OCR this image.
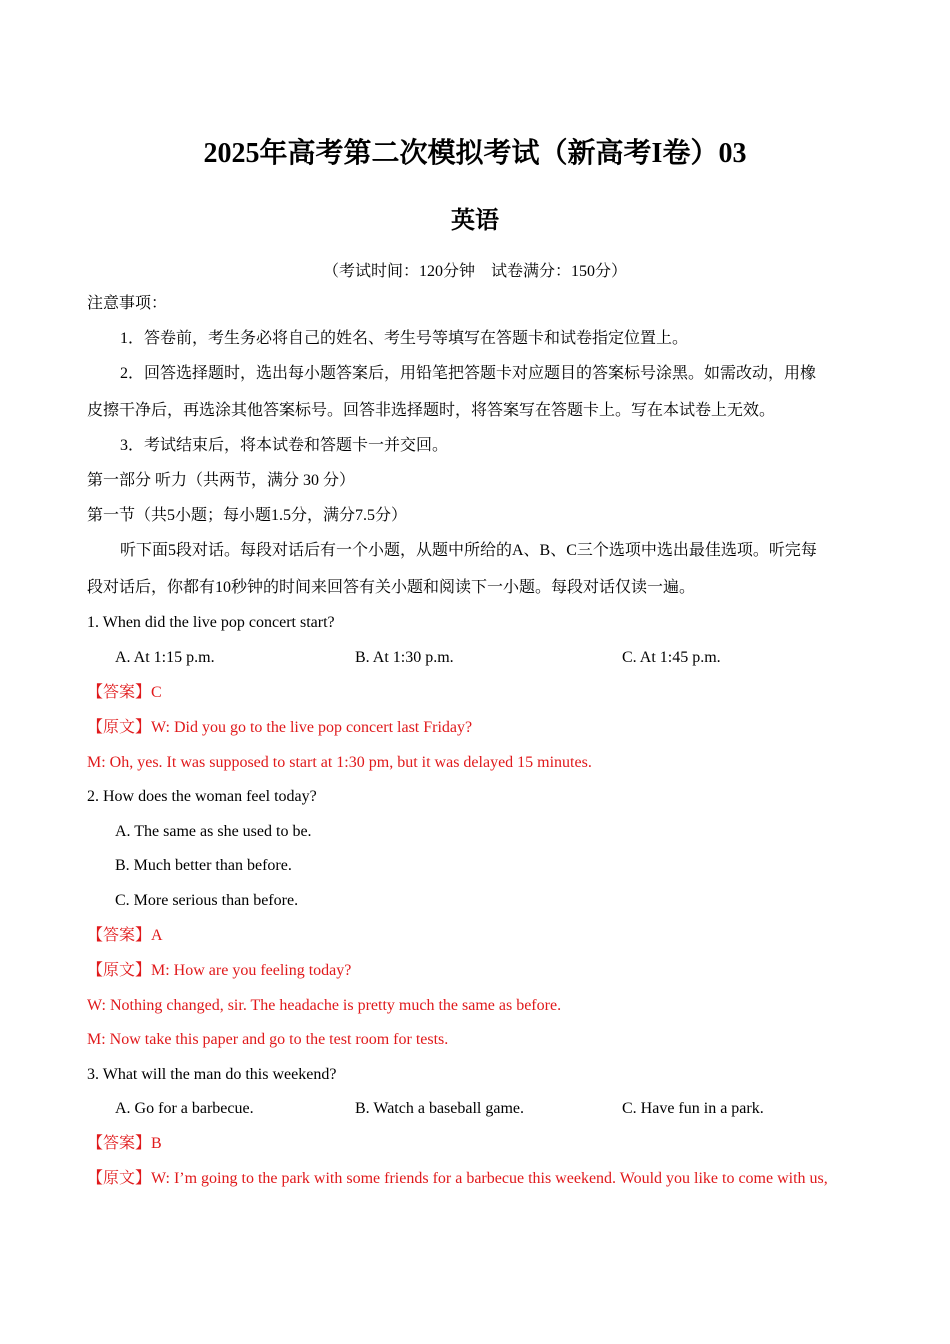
2025年高考第二次模拟考试（新高考I卷）03
英语
（考试时间：120分钟　试卷满分：150分）
注意事项：
1．答卷前，考生务必将自己的姓名、考生号等填写在答题卡和试卷指定位置上。
2．回答选择题时，选出每小题答案后，用铅笔把答题卡对应题目的答案标号涂黑。如需改动，用橡
皮擦干净后，再选涂其他答案标号。回答非选择题时，将答案写在答题卡上。写在本试卷上无效。
3．考试结束后，将本试卷和答题卡一并交回。
第一部分 听力（共两节，满分 30 分）
第一节（共5小题；每小题1.5分，满分7.5分）
听下面5段对话。每段对话后有一个小题，从题中所给的A、B、C三个选项中选出最佳选项。听完每
段对话后，你都有10秒钟的时间来回答有关小题和阅读下一小题。每段对话仅读一遍。
1. When did the live pop concert start?
A. At 1:15 p.m.	B. At 1:30 p.m.	C. At 1:45 p.m.
【答案】C
【原文】W: Did you go to the live pop concert last Friday?
M: Oh, yes. It was supposed to start at 1:30 pm, but it was delayed 15 minutes.
2. How does the woman feel today?
A. The same as she used to be.
B. Much better than before.
C. More serious than before.
【答案】A
【原文】M: How are you feeling today?
W: Nothing changed, sir. The headache is pretty much the same as before.
M: Now take this paper and go to the test room for tests.
3. What will the man do this weekend?
A. Go for a barbecue.	B. Watch a baseball game.	C. Have fun in a park.
【答案】B
【原文】W: I’m going to the park with some friends for a barbecue this weekend. Would you like to come with us,
